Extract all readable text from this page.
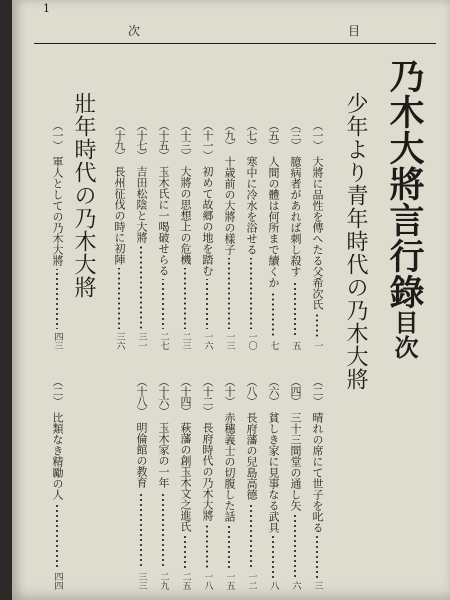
1
次	目
乃木大將言行錄目次
少年より青年時代の乃木大將
壯年時代の乃木大將	（一）
大將に品性を傳へたる父希次氏
一
（三）
臆病者があれば刺し殺す
五
（五）
人間の體は何所まで續くか
七
（七）
寒中に冷水を浴せる
一〇
（九）
十歳前の大將の樣子
一三
（十一）
初めて故郷の地を踏む
一六
（十三）
大將の思想上の危機
二三
（十五）
玉木氏に一喝破せらる
二七
（十七）
吉田松陰と大將
三一
（十九）
長州征伐の時に初陣
三六
（二）
晴れの席にて世子を叱る
三
（四）
三十三間堂の通し矢
六
（六）
貧しき家に見事なる武具
八
（八）
長府藩の兒島高德
一二
（十）
赤穗義士の切腹した話
一五
（十二）
長府時代の乃木大將
一八
（十四）
萩藩の創玉木文之進氏
二五
（十六）
玉木家の一年
二九
（十八）
明倫館の教育
三三
（一）
軍人としての乃木大將
四三
（二）
比類なき精勵の人
四四
